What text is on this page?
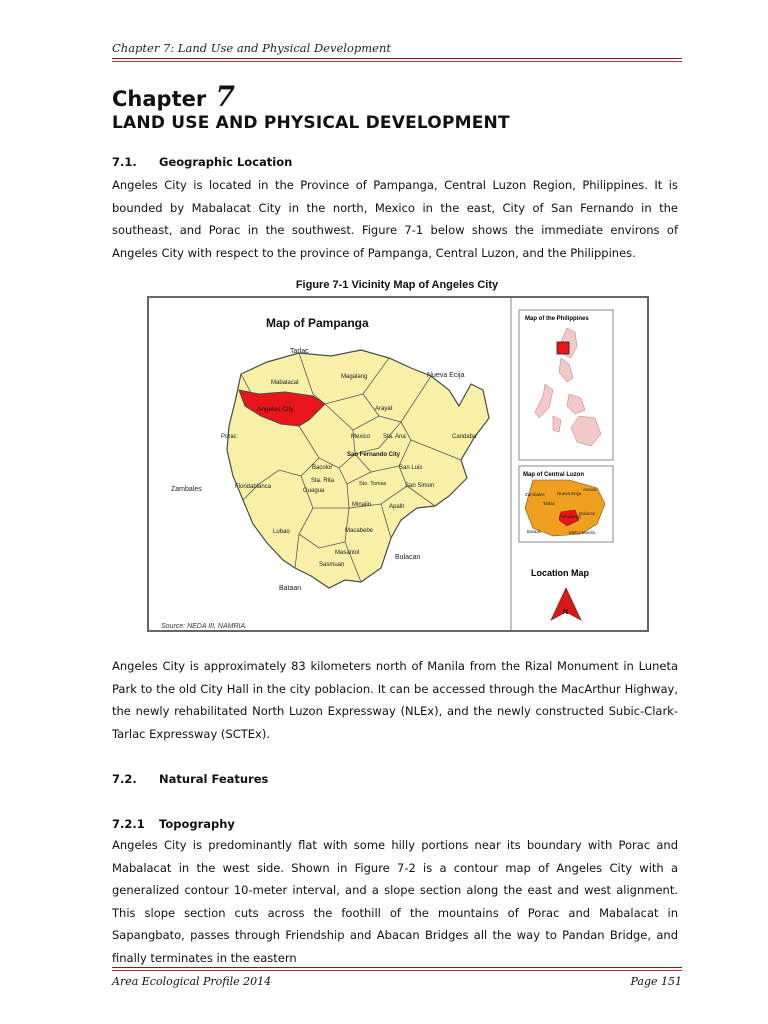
Chapter 7: Land Use and Physical Development
Chapter 7
LAND USE AND PHYSICAL DEVELOPMENT
7.1. Geographic Location
Angeles City is located in the Province of Pampanga, Central Luzon Region, Philippines. It is bounded by Mabalacat City in the north, Mexico in the east, City of San Fernando in the southeast, and Porac in the southwest. Figure 7-1 below shows the immediate environs of Angeles City with respect to the province of Pampanga, Central Luzon, and the Philippines.
Figure 7-1 Vicinity Map of Angeles City
Map of Pampanga
Tarlac
Nueva Ecija
Mabalacat
Magalang
Angeles City	Arayat
Porac	Mexico Sta. Ana	Candaba
San Fernando City
Bacolor	San Luis
Zambales	Floridablanca
Sta. Rita	Sto. Tomas	San Simon
Guagua
Minalin	Apalit
Lubao	Macabebe
Masantol
Sasmuan
Bulacan
Bataan
Source: NEDA III, NAMRIA
Map of the Philippines
Map of Central Luzon
Zambales	Nueva Ecija
Aurora
Tarlac
Bulacan
Pampanga
Bataan	Metro Manila
Location Map
N
Angeles City is approximately 83 kilometers north of Manila from the Rizal Monument in Luneta Park to the old City Hall in the city poblacion. It can be accessed through the MacArthur Highway, the newly rehabilitated North Luzon Expressway (NLEx), and the newly constructed Subic-Clark-Tarlac Expressway (SCTEx).
7.2. Natural Features
7.2.1 Topography
Angeles City is predominantly flat with some hilly portions near its boundary with Porac and Mabalacat in the west side. Shown in Figure 7-2 is a contour map of Angeles City with a generalized contour 10-meter interval, and a slope section along the east and west alignment. This slope section cuts across the foothill of the mountains of Porac and Mabalacat in Sapangbato, passes through Friendship and Abacan Bridges all the way to Pandan Bridge, and finally terminates in the eastern
Area Ecological Profile 2014	Page 151
